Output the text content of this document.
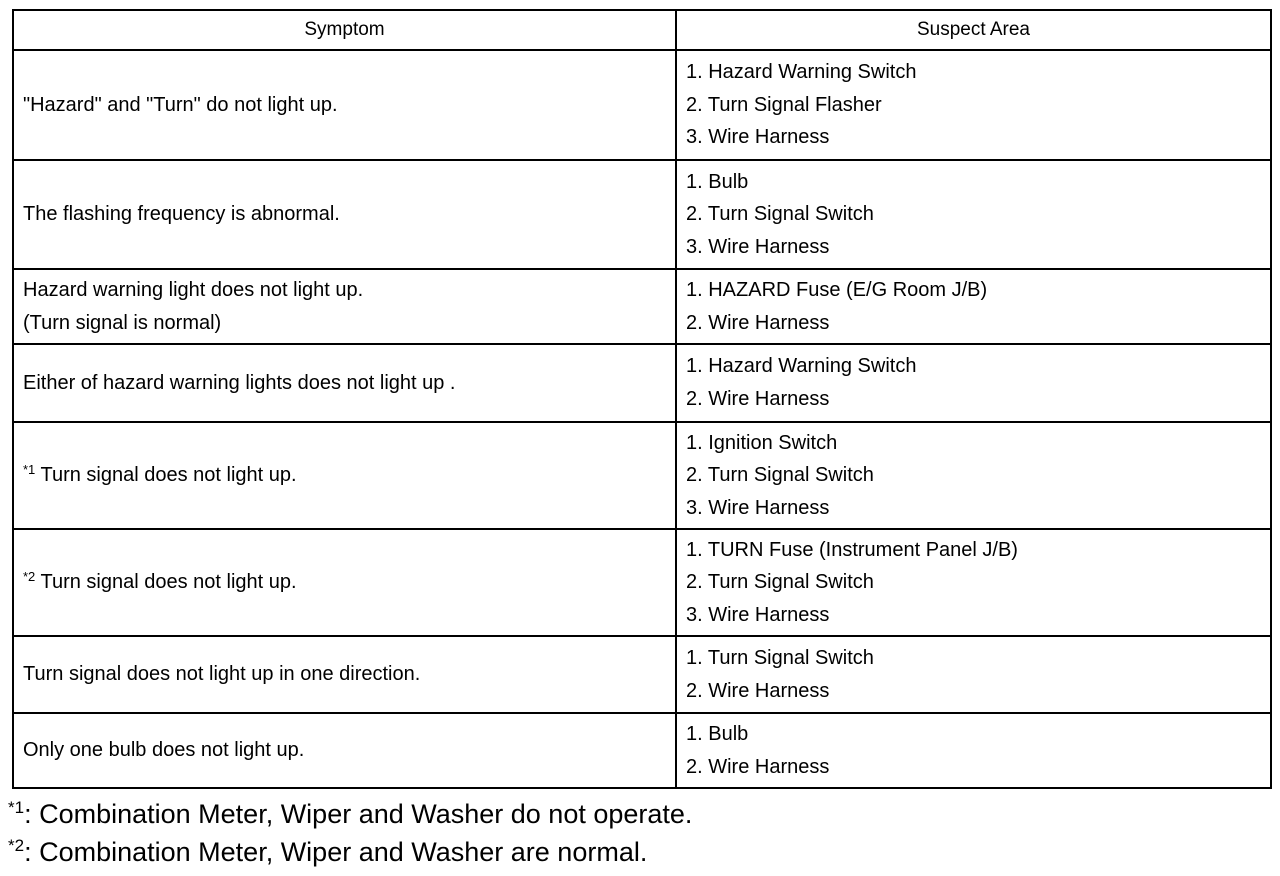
Symptom	Suspect Area
"Hazard" and "Turn" do not light up.	1. Hazard Warning Switch
2. Turn Signal Flasher
3. Wire Harness

The flashing frequency is abnormal.	1. Bulb
2. Turn Signal Switch
3. Wire Harness

Hazard warning light does not light up.
(Turn signal is normal)	1. HAZARD Fuse (E/G Room J/B)
2. Wire Harness

Either of hazard warning lights does not light up .	1. Hazard Warning Switch
2. Wire Harness

$^{*1}$ Turn signal does not light up.	1. Ignition Switch
2. Turn Signal Switch
3. Wire Harness

$^{*2}$ Turn signal does not light up.	1. TURN Fuse (Instrument Panel J/B)
2. Turn Signal Switch
3. Wire Harness

Turn signal does not light up in one direction.	1. Turn Signal Switch
2. Wire Harness

Only one bulb does not light up.	1. Bulb
2. Wire Harness
$^{*1}$: Combination Meter, Wiper and Washer do not operate.
$^{*2}$: Combination Meter, Wiper and Washer are normal.
